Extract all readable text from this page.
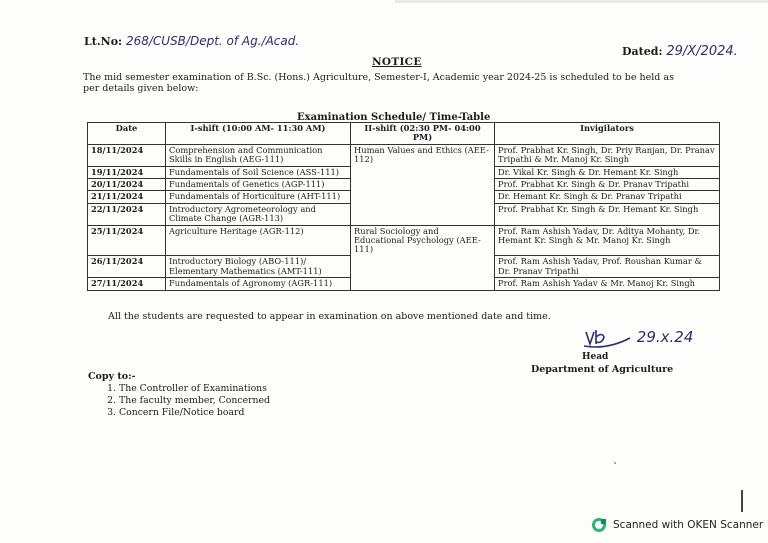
Lt.No: 268/CUSB/Dept. of Ag./Acad.
NOTICE
Dated: 29/X/2024.
The mid semester examination of B.Sc. (Hons.) Agriculture, Semester-I, Academic year 2024-25 is scheduled to be held as per details given below:
Examination Schedule/ Time-Table
Date	I-shift (10:00 AM- 11:30 AM)	II-shift (02:30 PM- 04:00 PM)	Invigilators
18/11/2024	Comprehension and Communication Skills in English (AEG-111)	Human Values and Ethics (AEE-112)	Prof. Prabhat Kr. Singh, Dr. Priy Ranjan, Dr. Pranav Tripathi & Mr. Manoj Kr. Singh
19/11/2024	Fundamentals of Soil Science (ASS-111)		Dr. Vikal Kr. Singh & Dr. Hemant Kr. Singh
20/11/2024	Fundamentals of Genetics (AGP-111)		Prof. Prabhat Kr. Singh & Dr. Pranav Tripathi
21/11/2024	Fundamentals of Horticulture (AHT-111)		Dr. Hemant Kr. Singh & Dr. Pranav Tripathi
22/11/2024	Introductory Agrometeorology and Climate Change (AGR-113)		Prof. Prabhat Kr. Singh & Dr. Hemant Kr. Singh
25/11/2024	Agriculture Heritage (AGR-112)	Rural Sociology and Educational Psychology (AEE-111)	Prof. Ram Ashish Yadav, Dr. Aditya Mohanty, Dr. Hemant Kr. Singh & Mr. Manoj Kr. Singh
26/11/2024	Introductory Biology (ABO-111)/ Elementary Mathematics (AMT-111)		Prof. Ram Ashish Yadav, Prof. Roushan Kumar & Dr. Pranav Tripathi
27/11/2024	Fundamentals of Agronomy (AGR-111)		Prof. Ram Ashish Yadav & Mr. Manoj Kr. Singh
All the students are requested to appear in examination on above mentioned date and time.
29.x.24
Head
Department of Agriculture
Copy to:-
1. The Controller of Examinations
2. The faculty member, Concerned
3. Concern File/Notice board
Scanned with OKEN Scanner
